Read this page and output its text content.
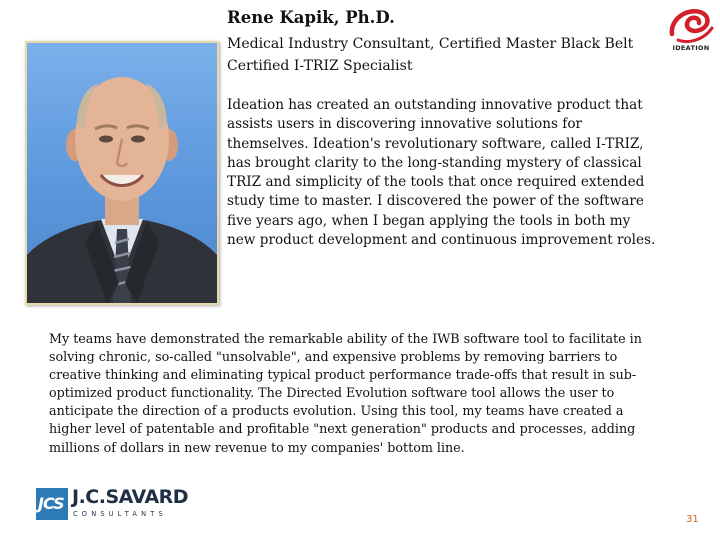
Rene Kapik, Ph.D.
Medical Industry Consultant, Certified Master Black Belt
Certified I-TRIZ Specialist
IDEATION
Ideation has created an outstanding innovative product that
assists users in discovering innovative solutions for
themselves. Ideation's revolutionary software, called I-TRIZ,
has brought clarity to the long-standing mystery of classical
TRIZ and simplicity of the tools that once required extended
study time to master. I discovered the power of the software
five years ago, when I began applying the tools in both my
new product development and continuous improvement roles.
My teams have demonstrated the remarkable ability of the IWB software tool to facilitate in
solving chronic, so-called "unsolvable", and expensive problems by removing barriers to
creative thinking and eliminating typical product performance trade-offs that result in sub-
optimized product functionality. The Directed Evolution software tool allows the user to
anticipate the direction of a products evolution. Using this tool, my teams have created a
higher level of patentable and profitable "next generation" products and processes, adding
millions of dollars in new revenue to my companies' bottom line.
JCS J.C.SAVARD
CONSULTANTS	31
